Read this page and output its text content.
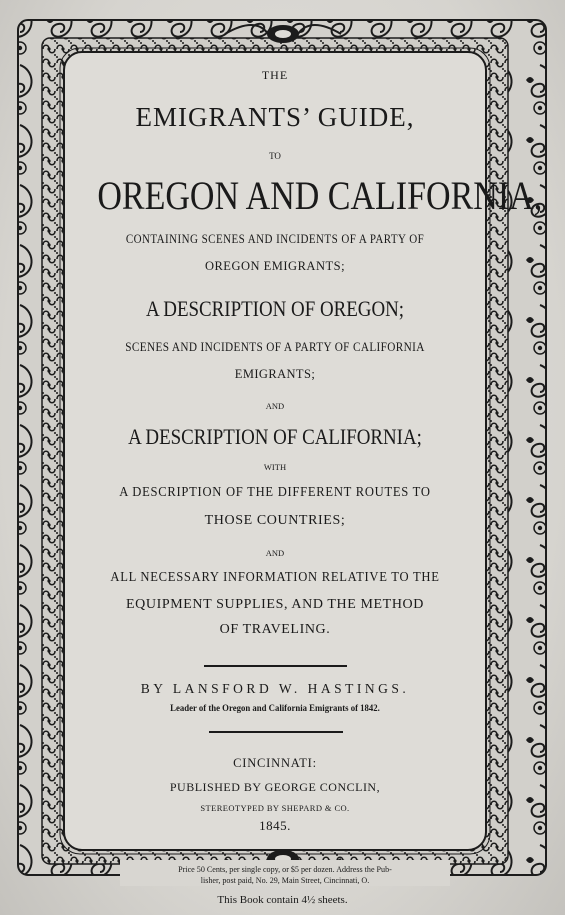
THE
EMIGRANTS’ GUIDE,
TO
OREGON AND CALIFORNIA,
CONTAINING SCENES AND INCIDENTS OF A PARTY OF
OREGON EMIGRANTS;
A DESCRIPTION OF OREGON;
SCENES AND INCIDENTS OF A PARTY OF CALIFORNIA
EMIGRANTS;
AND
A DESCRIPTION OF CALIFORNIA;
WITH
A DESCRIPTION OF THE DIFFERENT ROUTES TO
THOSE COUNTRIES;
AND
ALL NECESSARY INFORMATION RELATIVE TO THE
EQUIPMENT SUPPLIES, AND THE METHOD
OF TRAVELING.
BY LANSFORD W. HASTINGS.
Leader of the Oregon and California Emigrants of 1842.
CINCINNATI:
PUBLISHED BY GEORGE CONCLIN,
STEREOTYPED BY SHEPARD & CO.
1845.
Price 50 Cents, per single copy, or $5 per dozen. Address the Pub-
lisher, post paid, No. 29, Main Street, Cincinnati, O.
This Book contain 4½ sheets.
